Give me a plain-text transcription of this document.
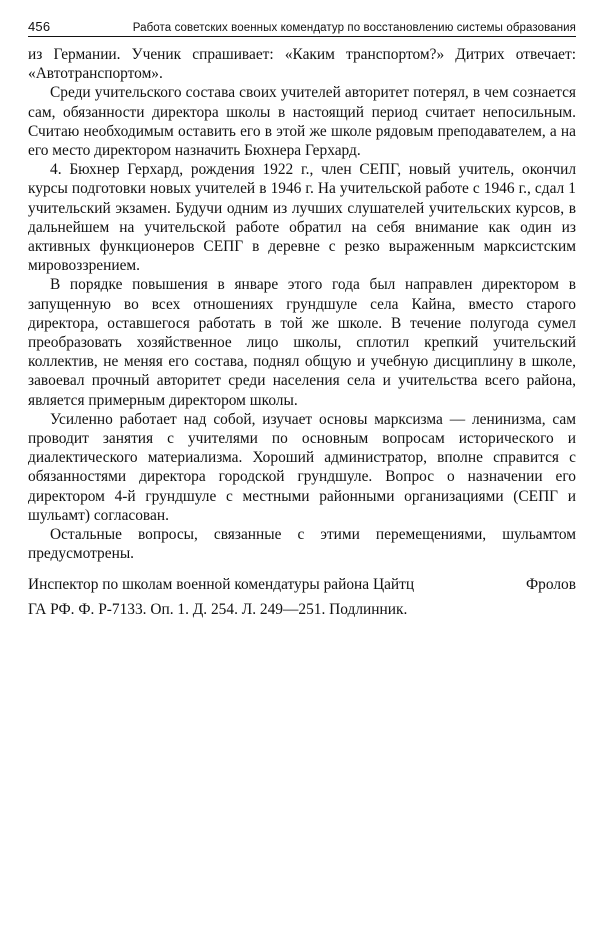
456	Работа советских военных комендатур по восстановлению системы образования

из Германии. Ученик спрашивает: «Каким транспортом?» Дитрих отвечает: «Автотранспортом».

Среди учительского состава своих учителей авторитет потерял, в чем сознается сам, обязанности директора школы в настоящий период считает непосильным. Считаю необходимым оставить его в этой же школе рядовым преподавателем, а на его место директором назначить Бюхнера Герхард.

4. Бюхнер Герхард, рождения 1922 г., член СЕПГ, новый учитель, окончил курсы подготовки новых учителей в 1946 г. На учительской работе с 1946 г., сдал 1 учительский экзамен. Будучи одним из лучших слушателей учительских курсов, в дальнейшем на учительской работе обратил на себя внимание как один из активных функционеров СЕПГ в деревне с резко выраженным марксистским мировоззрением.

В порядке повышения в январе этого года был направлен директором в запущенную во всех отношениях грундшуле села Кайна, вместо старого директора, оставшегося работать в той же школе. В течение полугода сумел преобразовать хозяйственное лицо школы, сплотил крепкий учительский коллектив, не меняя его состава, поднял общую и учебную дисциплину в школе, завоевал прочный авторитет среди населения села и учительства всего района, является примерным директором школы.

Усиленно работает над собой, изучает основы марксизма — ленинизма, сам проводит занятия с учителями по основным вопросам исторического и диалектического материализма. Хороший администратор, вполне справится с обязанностями директора городской грундшуле. Вопрос о назначении его директором 4-й грундшуле с местными районными организациями (СЕПГ и шульамт) согласован.

Остальные вопросы, связанные с этими перемещениями, шульамтом предусмотрены.

Инспектор по школам военной комендатуры района Цайтц	Фролов
ГА РФ. Ф. Р-7133. Оп. 1. Д. 254. Л. 249—251. Подлинник.
